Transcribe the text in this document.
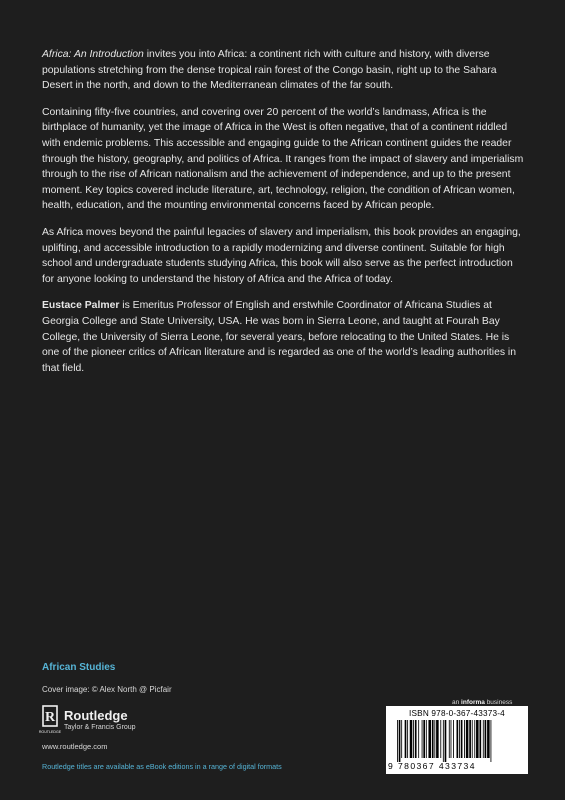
Africa: An Introduction invites you into Africa: a continent rich with culture and history, with diverse populations stretching from the dense tropical rain forest of the Congo basin, right up to the Sahara Desert in the north, and down to the Mediterranean climates of the far south.

Containing fifty-five countries, and covering over 20 percent of the world’s landmass, Africa is the birthplace of humanity, yet the image of Africa in the West is often negative, that of a continent riddled with endemic problems. This accessible and engaging guide to the African continent guides the reader through the history, geography, and politics of Africa. It ranges from the impact of slavery and imperialism through to the rise of African nationalism and the achievement of independence, and up to the present moment. Key topics covered include literature, art, technology, religion, the condition of African women, health, education, and the mounting environmental concerns faced by African people.

As Africa moves beyond the painful legacies of slavery and imperialism, this book provides an engaging, uplifting, and accessible introduction to a rapidly modernizing and diverse continent. Suitable for high school and undergraduate students studying Africa, this book will also serve as the perfect introduction for anyone looking to understand the history of Africa and the Africa of today.

Eustace Palmer is Emeritus Professor of English and erstwhile Coordinator of Africana Studies at Georgia College and State University, USA. He was born in Sierra Leone, and taught at Fourah Bay College, the University of Sierra Leone, for several years, before relocating to the United States. He is one of the pioneer critics of African literature and is regarded as one of the world’s leading authorities in that field.

African Studies
Cover image: © Alex North @ Picfair
R
ROUTLEDGE
Routledge
Taylor & Francis Group
www.routledge.com
Routledge titles are available as eBook editions in a range of digital formats
an informa business
ISBN 978-0-367-43373-4
9 780367 433734
